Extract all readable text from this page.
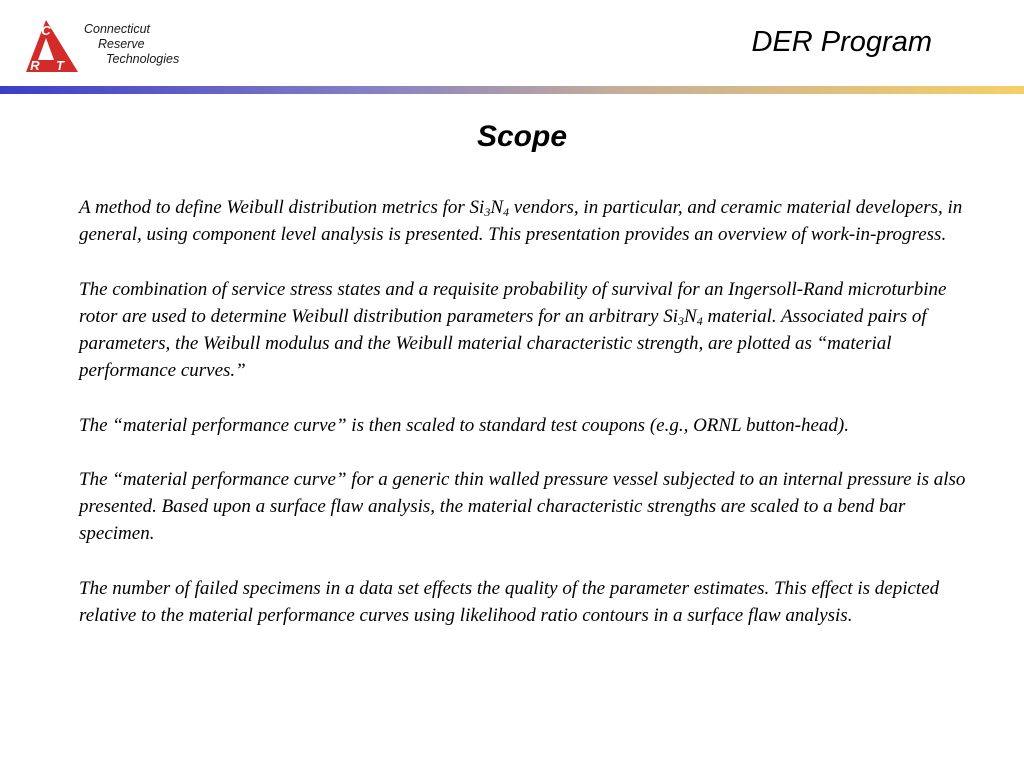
C
R T
Connecticut
Reserve
Technologies
DER Program
Scope

A method to define Weibull distribution metrics for $Si_3N_4$ vendors, in particular, and ceramic material developers, in general, using component level analysis is presented. This presentation provides an overview of work-in-progress.

The combination of service stress states and a requisite probability of survival for an Ingersoll-Rand microturbine rotor are used to determine Weibull distribution parameters for an arbitrary $Si_3N_4$ material. Associated pairs of parameters, the Weibull modulus and the Weibull material characteristic strength, are plotted as “material performance curves.”

The “material performance curve” is then scaled to standard test coupons (e.g., ORNL button-head).

The “material performance curve” for a generic thin walled pressure vessel subjected to an internal pressure is also presented. Based upon a surface flaw analysis, the material characteristic strengths are scaled to a bend bar specimen.

The number of failed specimens in a data set effects the quality of the parameter estimates. This effect is depicted relative to the material performance curves using likelihood ratio contours in a surface flaw analysis.
